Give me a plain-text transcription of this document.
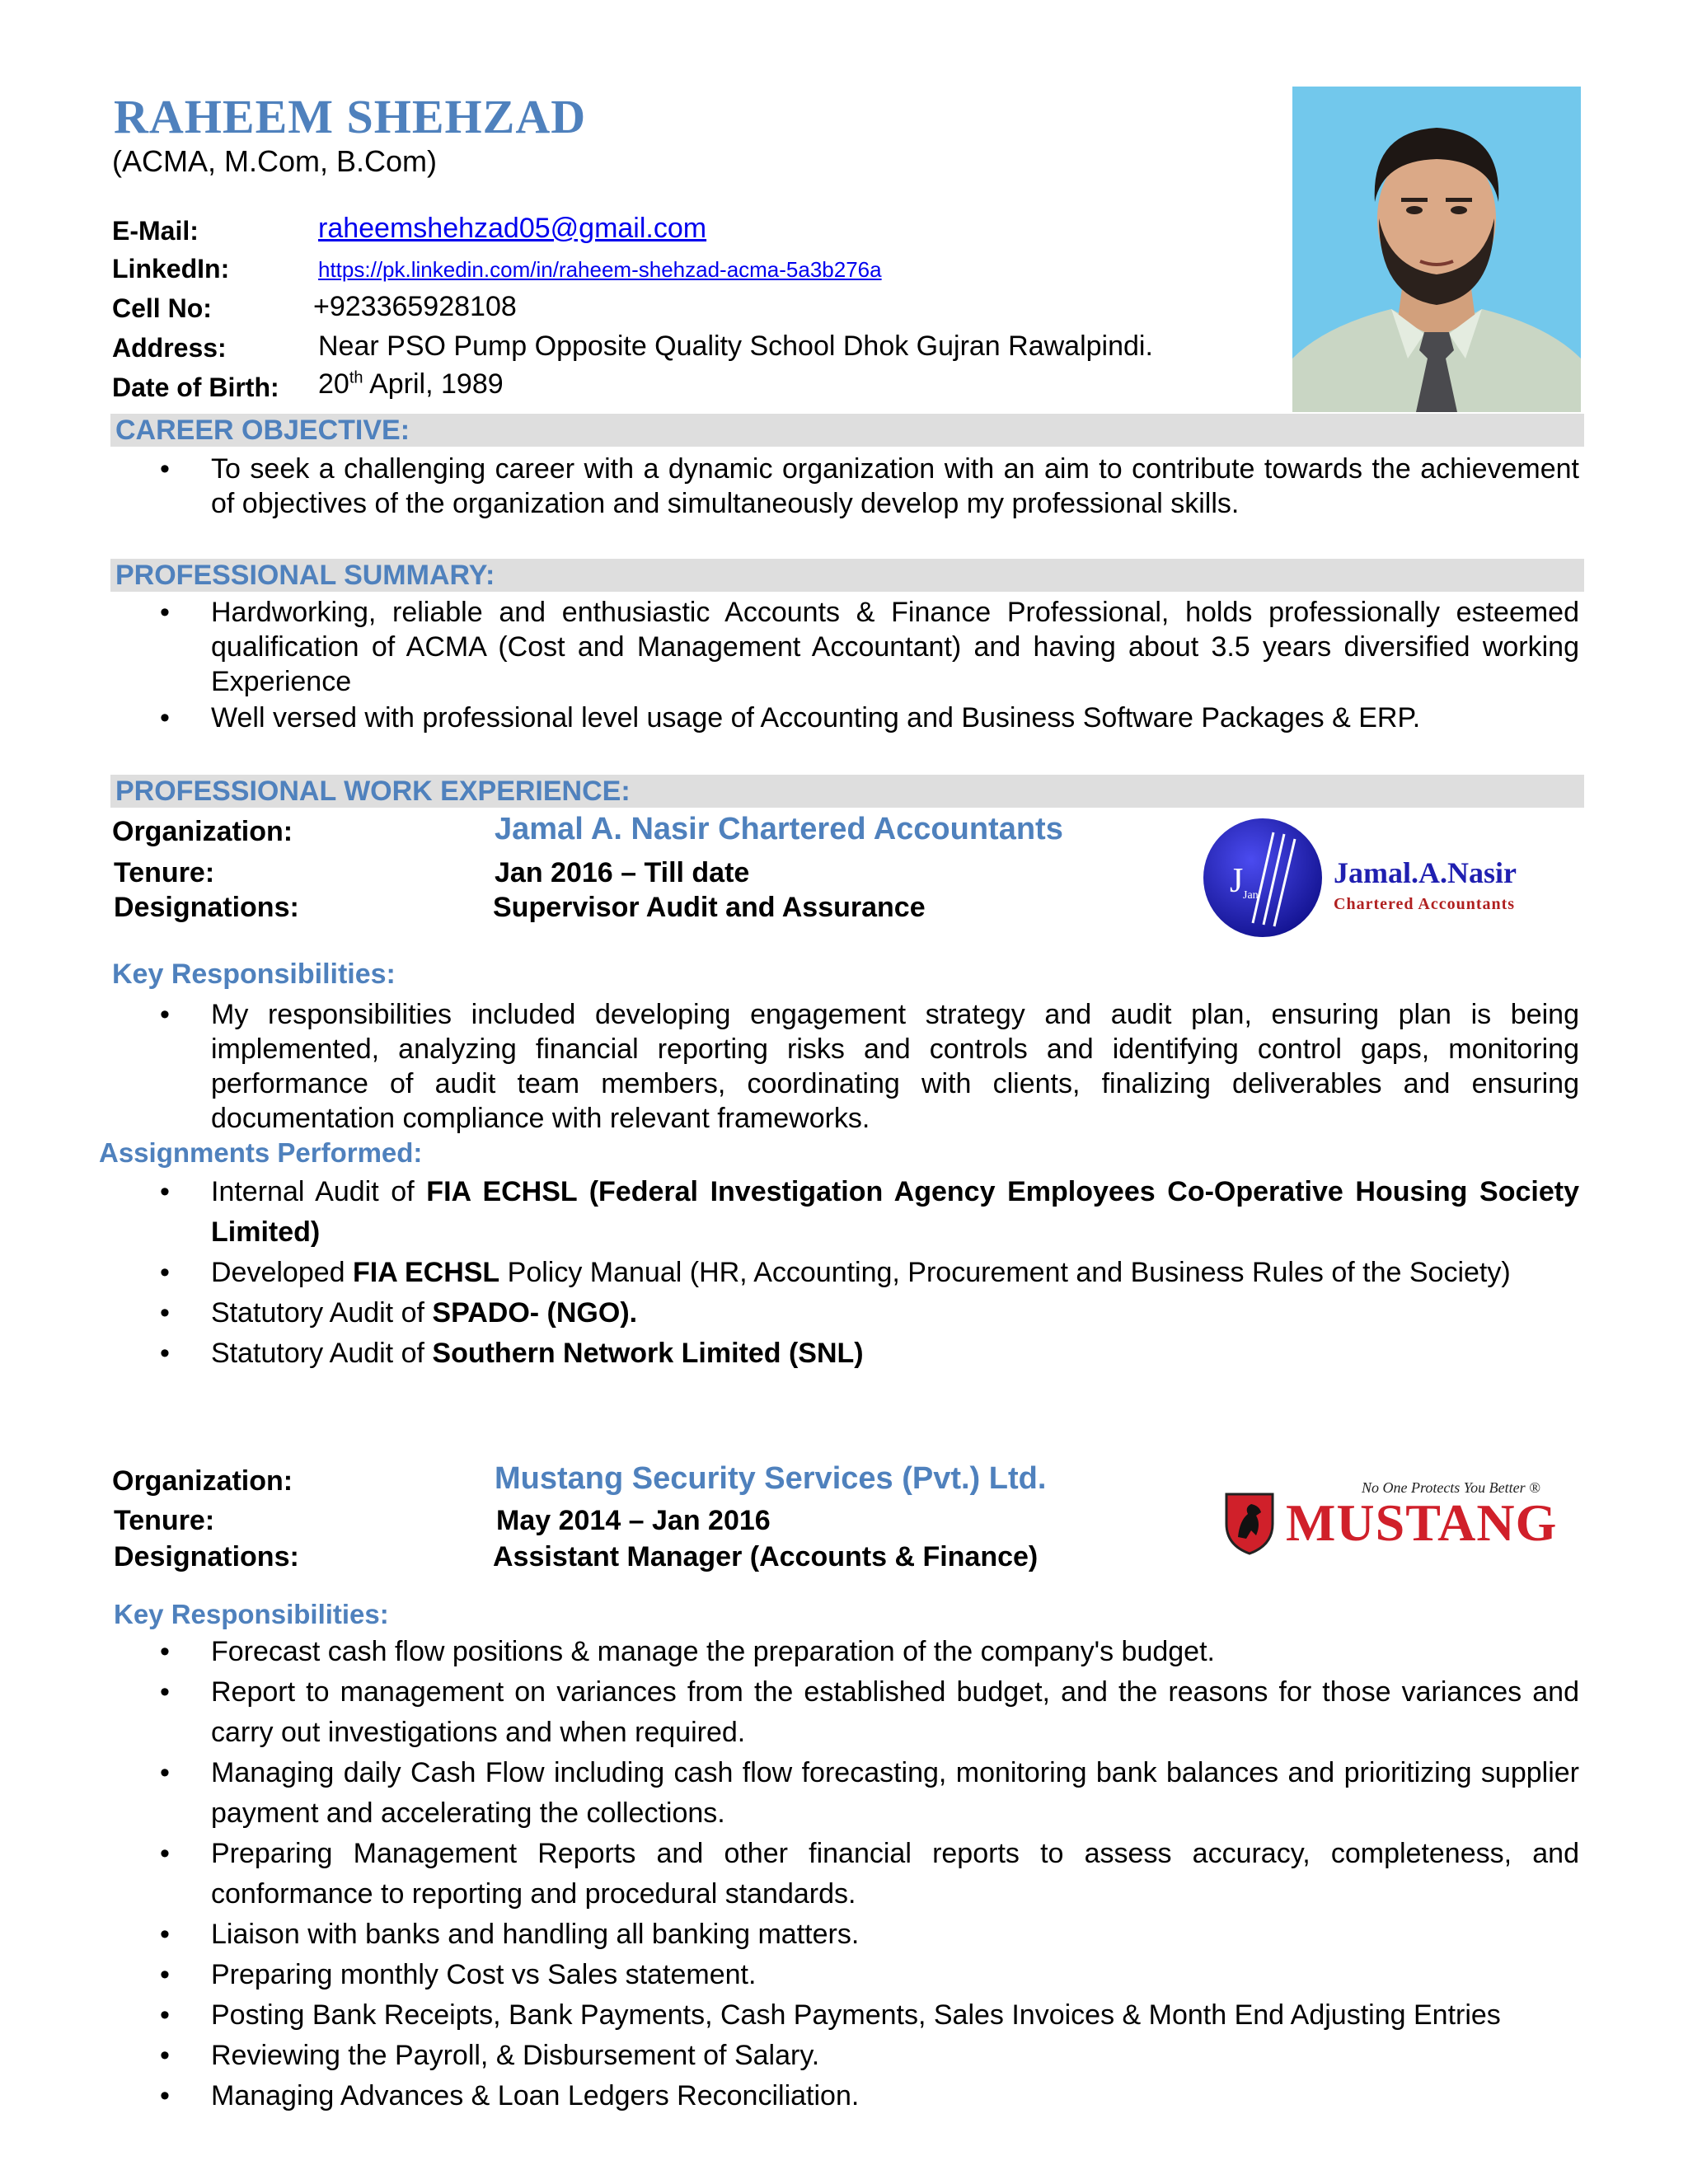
RAHEEM SHEHZAD
(ACMA, M.Com, B.Com)
E-Mail:	raheemshehzad05@gmail.com
LinkedIn:	https://pk.linkedin.com/in/raheem-shehzad-acma-5a3b276a
Cell No:	+923365928108
Address:	Near PSO Pump Opposite Quality School Dhok Gujran Rawalpindi.
Date of Birth: 20th April, 1989
CAREER OBJECTIVE:
• To seek a challenging career with a dynamic organization with an aim to contribute towards the achievement of objectives of the organization and simultaneously develop my professional skills.
PROFESSIONAL SUMMARY:
• Hardworking, reliable and enthusiastic Accounts & Finance Professional, holds professionally esteemed qualification of ACMA (Cost and Management Accountant) and having about 3.5 years diversified working Experience
• Well versed with professional level usage of Accounting and Business Software Packages & ERP.
PROFESSIONAL WORK EXPERIENCE:
Organization:	Jamal A. Nasir Chartered Accountants
Tenure:	Jan 2016 – Till date
Designations:	Supervisor Audit and Assurance
J Jan
Jamal.A.Nasir
Chartered Accountants
Key Responsibilities:
• My responsibilities included developing engagement strategy and audit plan, ensuring plan is being implemented, analyzing financial reporting risks and controls and identifying control gaps, monitoring performance of audit team members, coordinating with clients, finalizing deliverables and ensuring documentation compliance with relevant frameworks.
Assignments Performed:
• Internal Audit of FIA ECHSL (Federal Investigation Agency Employees Co-Operative Housing Society Limited)
• Developed FIA ECHSL Policy Manual (HR, Accounting, Procurement and Business Rules of the Society)
• Statutory Audit of SPADO- (NGO).
• Statutory Audit of Southern Network Limited (SNL)
Organization:	Mustang Security Services (Pvt.) Ltd.
Tenure:	May 2014 – Jan 2016
Designations:	Assistant Manager (Accounts & Finance)
No One Protects You Better ®
MUSTANG
Key Responsibilities:
• Forecast cash flow positions & manage the preparation of the company's budget.
• Report to management on variances from the established budget, and the reasons for those variances and carry out investigations and when required.
• Managing daily Cash Flow including cash flow forecasting, monitoring bank balances and prioritizing supplier payment and accelerating the collections.
• Preparing Management Reports and other financial reports to assess accuracy, completeness, and conformance to reporting and procedural standards.
• Liaison with banks and handling all banking matters.
• Preparing monthly Cost vs Sales statement.
• Posting Bank Receipts, Bank Payments, Cash Payments, Sales Invoices & Month End Adjusting Entries
• Reviewing the Payroll, & Disbursement of Salary.
• Managing Advances & Loan Ledgers Reconciliation.
